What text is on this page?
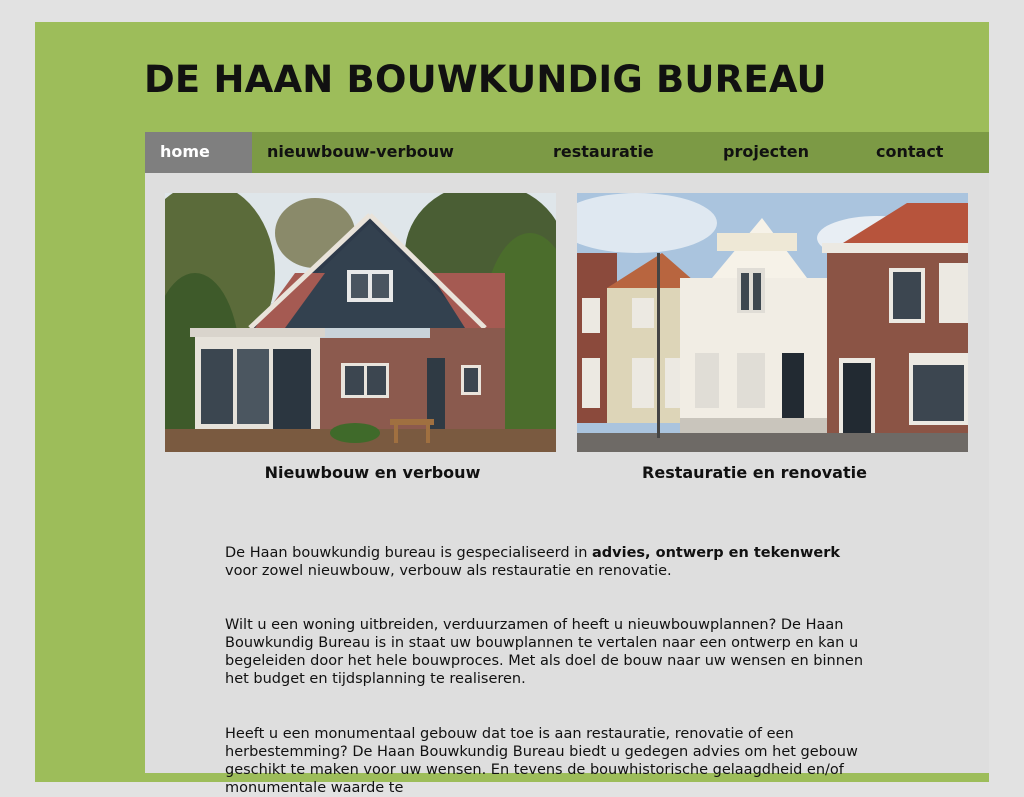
DE HAAN BOUWKUNDIG BUREAU
home	nieuwbouw-verbouw	restauratie	projecten	contact
Nieuwbouw en verbouw	Restauratie en renovatie

De Haan bouwkundig bureau is gespecialiseerd in advies, ontwerp en tekenwerk voor zowel nieuwbouw, verbouw als restauratie en renovatie.

Wilt u een woning uitbreiden, verduurzamen of heeft u nieuwbouwplannen? De Haan Bouwkundig Bureau is in staat uw bouwplannen te vertalen naar een ontwerp en kan u begeleiden door het hele bouwproces. Met als doel de bouw naar uw wensen en binnen het budget en tijdsplanning te realiseren.

Heeft u een monumentaal gebouw dat toe is aan restauratie, renovatie of een herbestemming? De Haan Bouwkundig Bureau biedt u gedegen advies om het gebouw geschikt te maken voor uw wensen. En tevens de bouwhistorische gelaagdheid en/of monumentale waarde te
